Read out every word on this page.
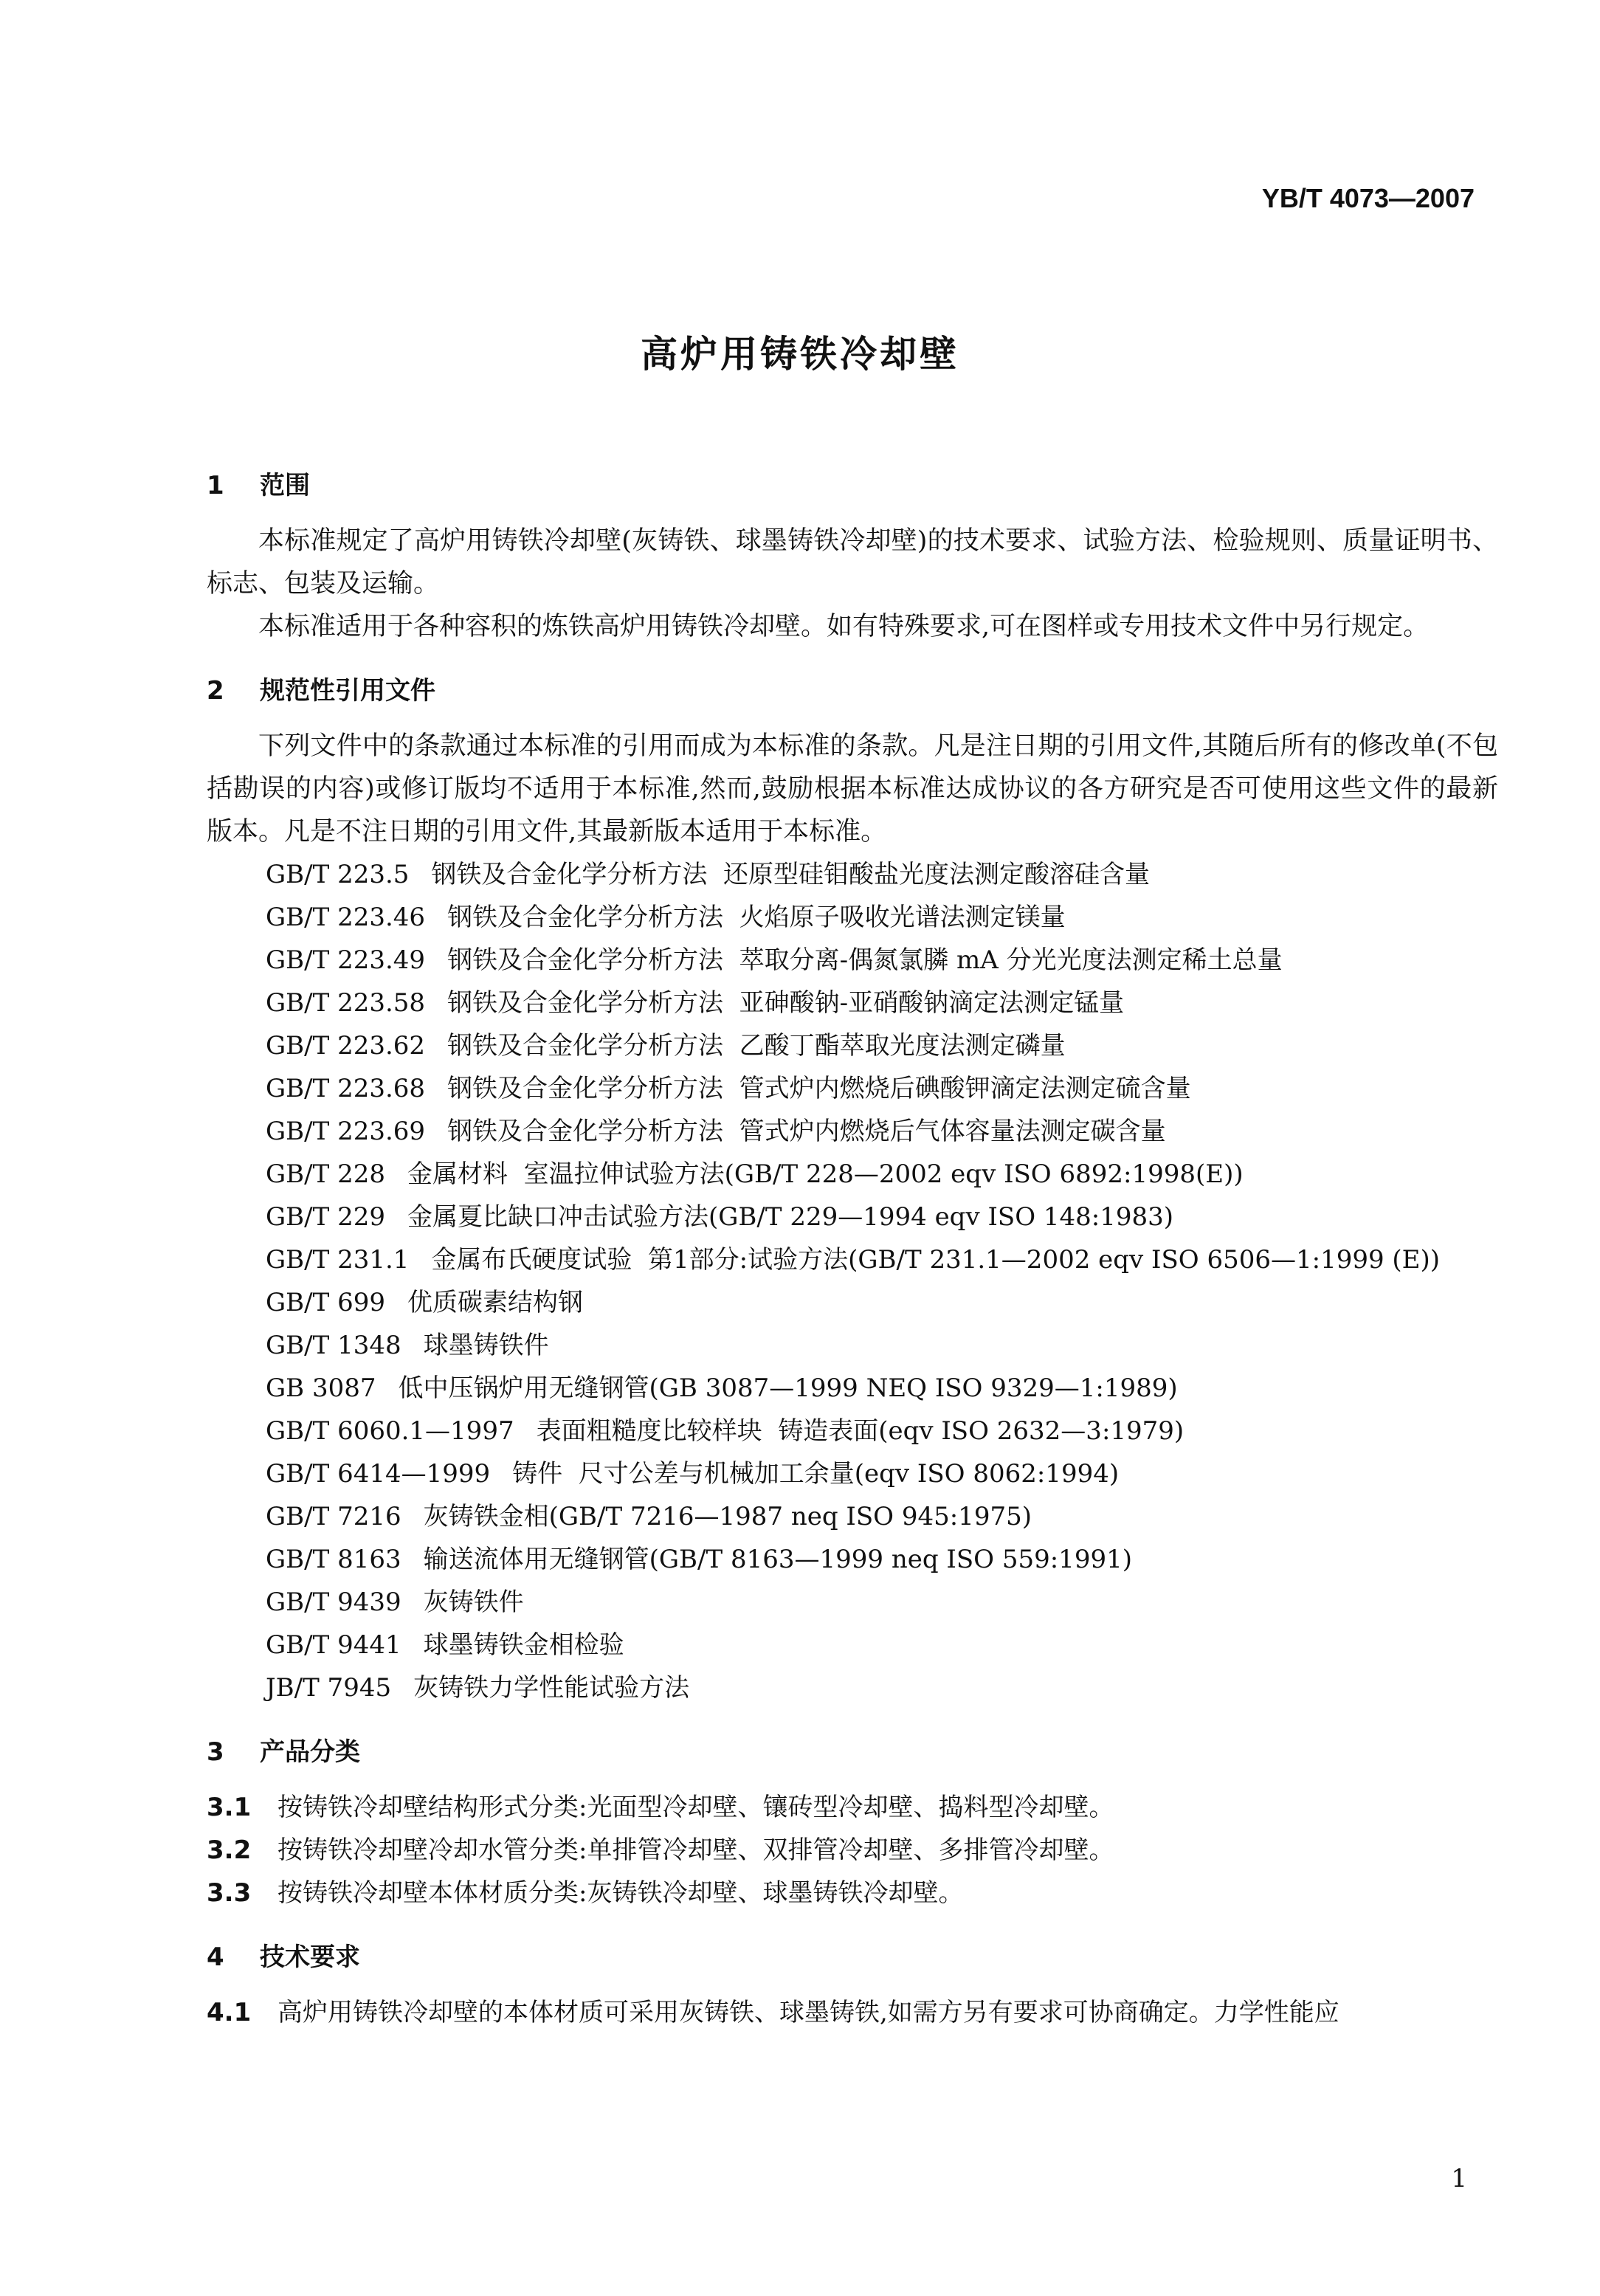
YB/T 4073—2007
高炉用铸铁冷却壁
1	范围

本标准规定了高炉用铸铁冷却壁(灰铸铁、球墨铸铁冷却壁)的技术要求、试验方法、检验规则、质量证明书、标志、包装及运输。

本标准适用于各种容积的炼铁高炉用铸铁冷却壁。如有特殊要求,可在图样或专用技术文件中另行规定。

2	规范性引用文件

下列文件中的条款通过本标准的引用而成为本标准的条款。凡是注日期的引用文件,其随后所有的修改单(不包括勘误的内容)或修订版均不适用于本标准,然而,鼓励根据本标准达成协议的各方研究是否可使用这些文件的最新版本。凡是不注日期的引用文件,其最新版本适用于本标准。

GB/T 223.5 钢铁及合金化学分析方法  还原型硅钼酸盐光度法测定酸溶硅含量
GB/T 223.46 钢铁及合金化学分析方法  火焰原子吸收光谱法测定镁量
GB/T 223.49 钢铁及合金化学分析方法  萃取分离-偶氮氯膦 mA 分光光度法测定稀土总量
GB/T 223.58 钢铁及合金化学分析方法  亚砷酸钠-亚硝酸钠滴定法测定锰量
GB/T 223.62 钢铁及合金化学分析方法  乙酸丁酯萃取光度法测定磷量
GB/T 223.68 钢铁及合金化学分析方法  管式炉内燃烧后碘酸钾滴定法测定硫含量
GB/T 223.69 钢铁及合金化学分析方法  管式炉内燃烧后气体容量法测定碳含量
GB/T 228 金属材料  室温拉伸试验方法(GB/T 228—2002 eqv ISO 6892:1998(E))
GB/T 229 金属夏比缺口冲击试验方法(GB/T 229—1994 eqv ISO 148:1983)
GB/T 231.1 金属布氏硬度试验  第1部分:试验方法(GB/T 231.1—2002 eqv ISO 6506—1:1999 (E))
GB/T 699 优质碳素结构钢
GB/T 1348 球墨铸铁件
GB 3087 低中压锅炉用无缝钢管(GB 3087—1999 NEQ ISO 9329—1:1989)
GB/T 6060.1—1997 表面粗糙度比较样块  铸造表面(eqv ISO 2632—3:1979)
GB/T 6414—1999 铸件  尺寸公差与机械加工余量(eqv ISO 8062:1994)
GB/T 7216 灰铸铁金相(GB/T 7216—1987 neq ISO 945:1975)
GB/T 8163 输送流体用无缝钢管(GB/T 8163—1999 neq ISO 559:1991)
GB/T 9439 灰铸铁件
GB/T 9441 球墨铸铁金相检验
JB/T 7945 灰铸铁力学性能试验方法
3	产品分类
3.1	按铸铁冷却壁结构形式分类:光面型冷却壁、镶砖型冷却壁、捣料型冷却壁。
3.2	按铸铁冷却壁冷却水管分类:单排管冷却壁、双排管冷却壁、多排管冷却壁。
3.3	按铸铁冷却壁本体材质分类:灰铸铁冷却壁、球墨铸铁冷却壁。
4	技术要求
4.1	高炉用铸铁冷却壁的本体材质可采用灰铸铁、球墨铸铁,如需方另有要求可协商确定。力学性能应
1
